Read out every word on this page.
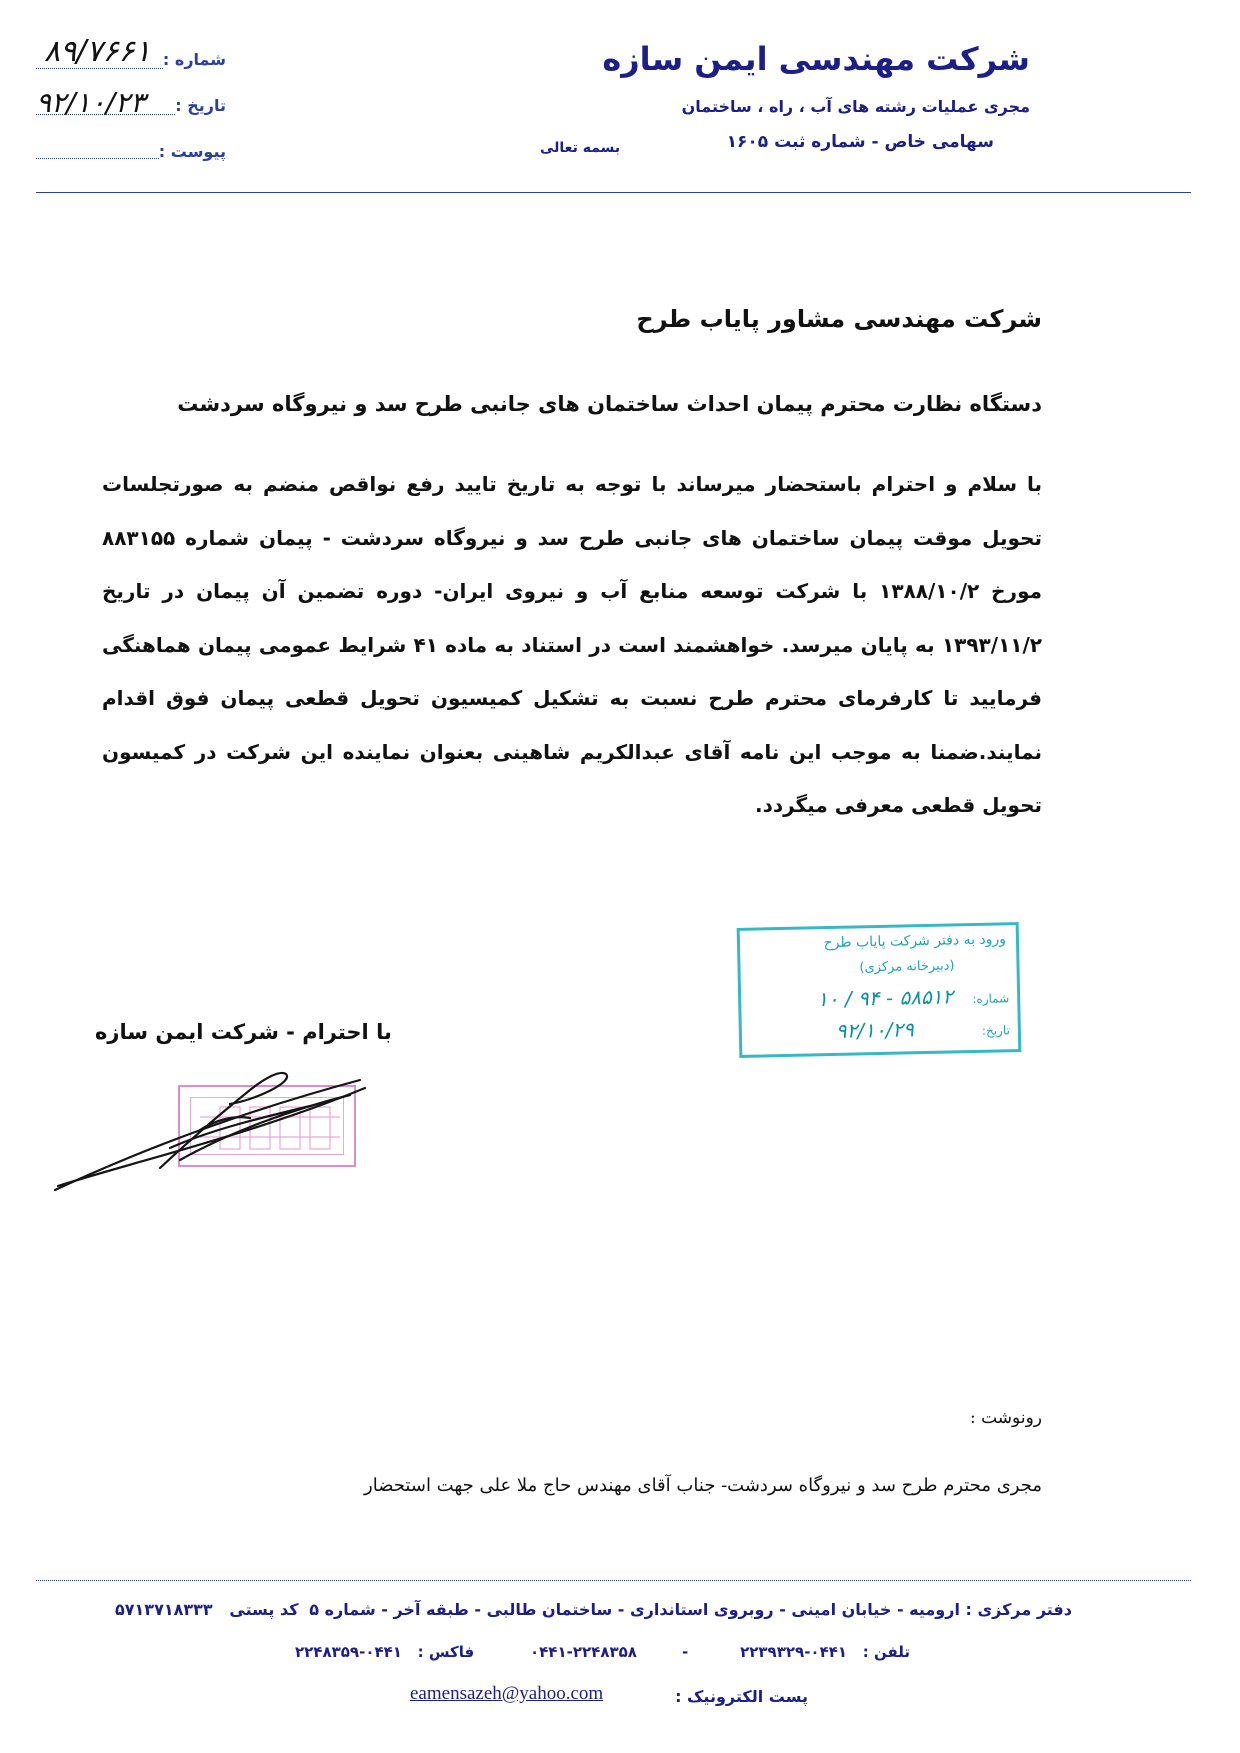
شرکت مهندسی ایمن سازه
مجری عملیات رشته های آب ، راه ، ساختمان
سهامی خاص - شماره ثبت ۱۶۰۵
بسمه تعالی
شماره :
۸۹/۷۶۶۱
تاریخ :
۹۲/۱۰/۲۳
پیوست :
شرکت مهندسی مشاور پایاب طرح
دستگاه نظارت محترم پیمان احداث ساختمان های جانبی طرح سد و نیروگاه سردشت
با سلام و احترام باستحضار میرساند با توجه به تاریخ تایید رفع نواقص منضم به صورتجلسات تحویل موقت پیمان ساختمان های جانبی طرح سد و نیروگاه سردشت - پیمان شماره ۸۸۳۱۵۵ مورخ ۱۳۸۸/۱۰/۲ با شرکت توسعه منابع آب و نیروی ایران- دوره تضمین آن پیمان در تاریخ ۱۳۹۳/۱۱/۲ به پایان میرسد. خواهشمند است در استناد به ماده ۴۱ شرایط عمومی پیمان هماهنگی فرمایید تا کارفرمای محترم طرح نسبت به تشکیل کمیسیون تحویل قطعی پیمان فوق اقدام نمایند.ضمنا به موجب این نامه آقای عبدالکریم شاهینی بعنوان نماینده این شرکت در کمیسون تحویل قطعی معرفی میگردد.
ورود به دفتر شرکت پایاب طرح
(دبیرخانه مرکزی)
شماره:
۵۸۵۱۲ - ۹۴ / ۱۰
تاریخ:
۹۲/۱۰/۲۹
با احترام - شرکت ایمن سازه
رونوشت :
مجری محترم طرح سد و نیروگاه سردشت- جناب آقای مهندس حاج ملا علی جهت استحضار
دفتر مرکزی : ارومیه - خیابان امینی - روبروی استانداری - ساختمان طالبی - طبقه آخر - شماره ۵
کد پستی   ۵۷۱۳۷۱۸۳۳۳
تلفن :   ۰۴۴۱-۲۲۳۹۳۲۹
-
۰۴۴۱-۲۲۴۸۳۵۸
فاکس :   ۰۴۴۱-۲۲۴۸۳۵۹
پست الکترونیک :
eamensazeh@yahoo.com
